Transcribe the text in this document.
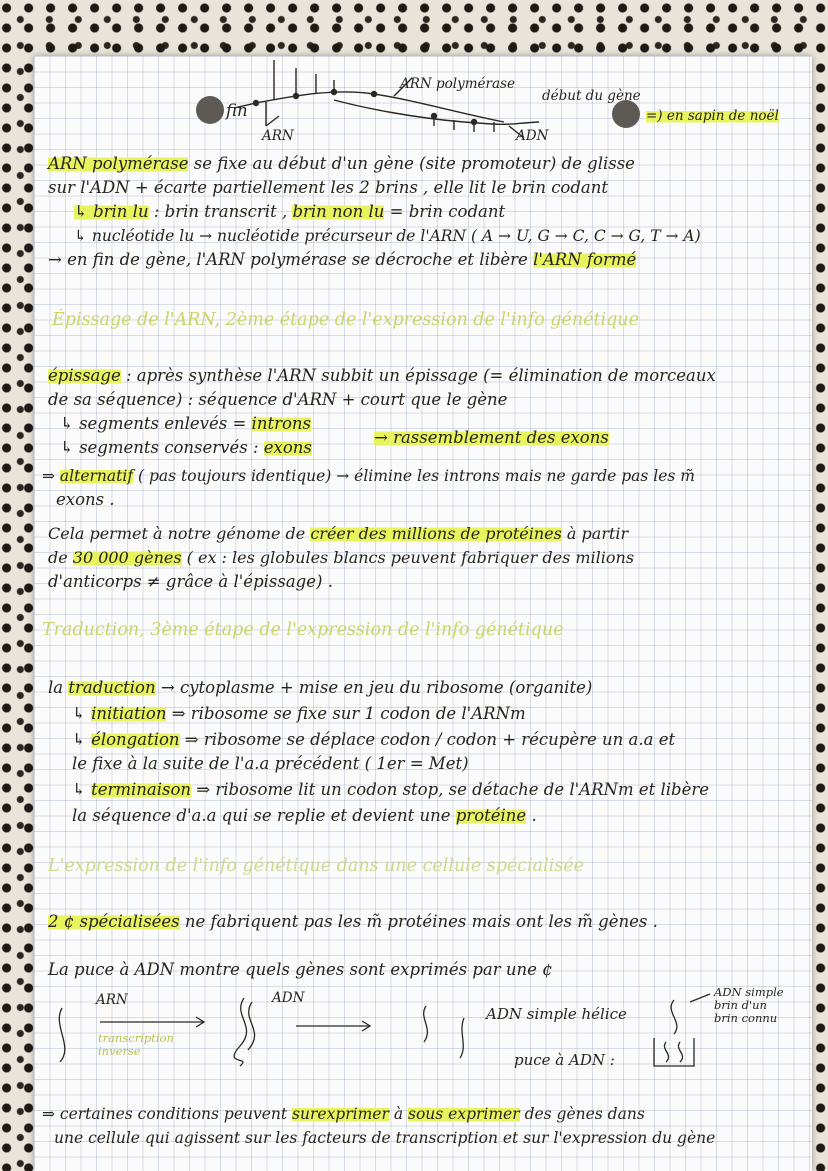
fin

ARN

ARN polymérase

début du gène

ADN

=) en sapin de noël

ARN polymérase se fixe au début d'un gène (site promoteur) de glisse

sur l'ADN + écarte partiellement les 2 brins , elle lit le brin codant

↳ brin lu : brin transcrit , brin non lu = brin codant

↳ nucléotide lu → nucléotide précurseur de l'ARN ( A → U, G → C, C → G, T → A)

→ en fin de gène, l'ARN polymérase se décroche et libère l'ARN formé

Épissage de l'ARN, 2ème étape de l'expression de l'info génétique

épissage : après synthèse l'ARN subbit un épissage (= élimination de morceaux

de sa séquence) : séquence d'ARN + court que le gène

↳ segments enlevés = introns

↳ segments conservés : exons

→ rassemblement des exons

⇒ alternatif ( pas toujours identique) → élimine les introns mais ne garde pas les m̃

exons .

Cela permet à notre génome de créer des millions de protéines à partir

de 30 000 gènes ( ex : les globules blancs peuvent fabriquer des milions

d'anticorps ≠ grâce à l'épissage) .

Traduction, 3ème étape de l'expression de l'info génétique

la traduction → cytoplasme + mise en jeu du ribosome (organite)

↳ initiation ⇒ ribosome se fixe sur 1 codon de l'ARNm

↳ élongation ⇒ ribosome se déplace codon / codon + récupère un a.a et

le fixe à la suite de l'a.a précédent ( 1er = Met)

↳ terminaison ⇒ ribosome lit un codon stop, se détache de l'ARNm et libère

la séquence d'a.a qui se replie et devient une protéine .

L'expression de l'info génétique dans une cellule spécialisée

2 ¢ spécialisées ne fabriquent pas les m̃ protéines mais ont les m̃ gènes .

La puce à ADN montre quels gènes sont exprimés par une ¢

ARN	ADN

transcription
inverse

ADN simple hélice

puce à ADN :

ADN simple
brin d'un
brin connu

⇒ certaines conditions peuvent surexprimer à sous exprimer des gènes dans

une cellule qui agissent sur les facteurs de transcription et sur l'expression du gène
